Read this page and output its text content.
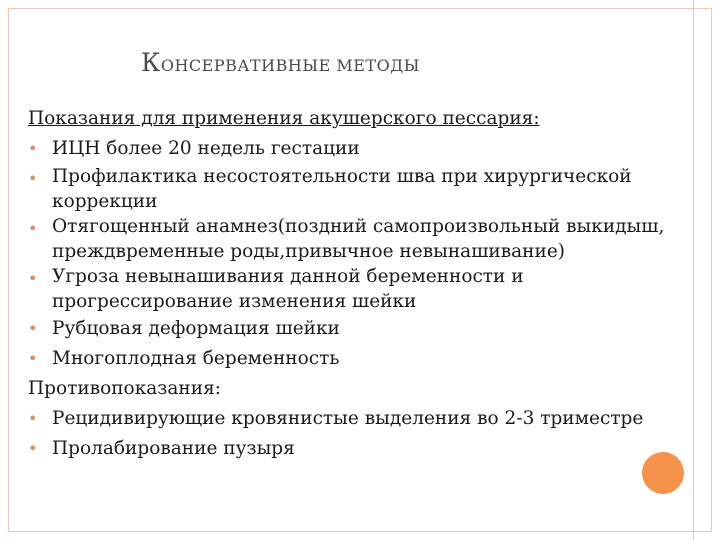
КОНСЕРВАТИВНЫЕ МЕТОДЫ
Показания для применения акушерского пессария:
• ИЦН более 20 недель гестации
• Профилактика несостоятельности шва при хирургической коррекции
• Отягощенный анамнез(поздний самопроизвольный выкидыш, преждвременные роды,привычное невынашивание)
• Угроза невынашивания данной беременности и прогрессирование изменения шейки
• Рубцовая деформация шейки
• Многоплодная беременность
Противопоказания:
• Рецидивирующие кровянистые выделения во 2-3 триместре
• Пролабирование пузыря
